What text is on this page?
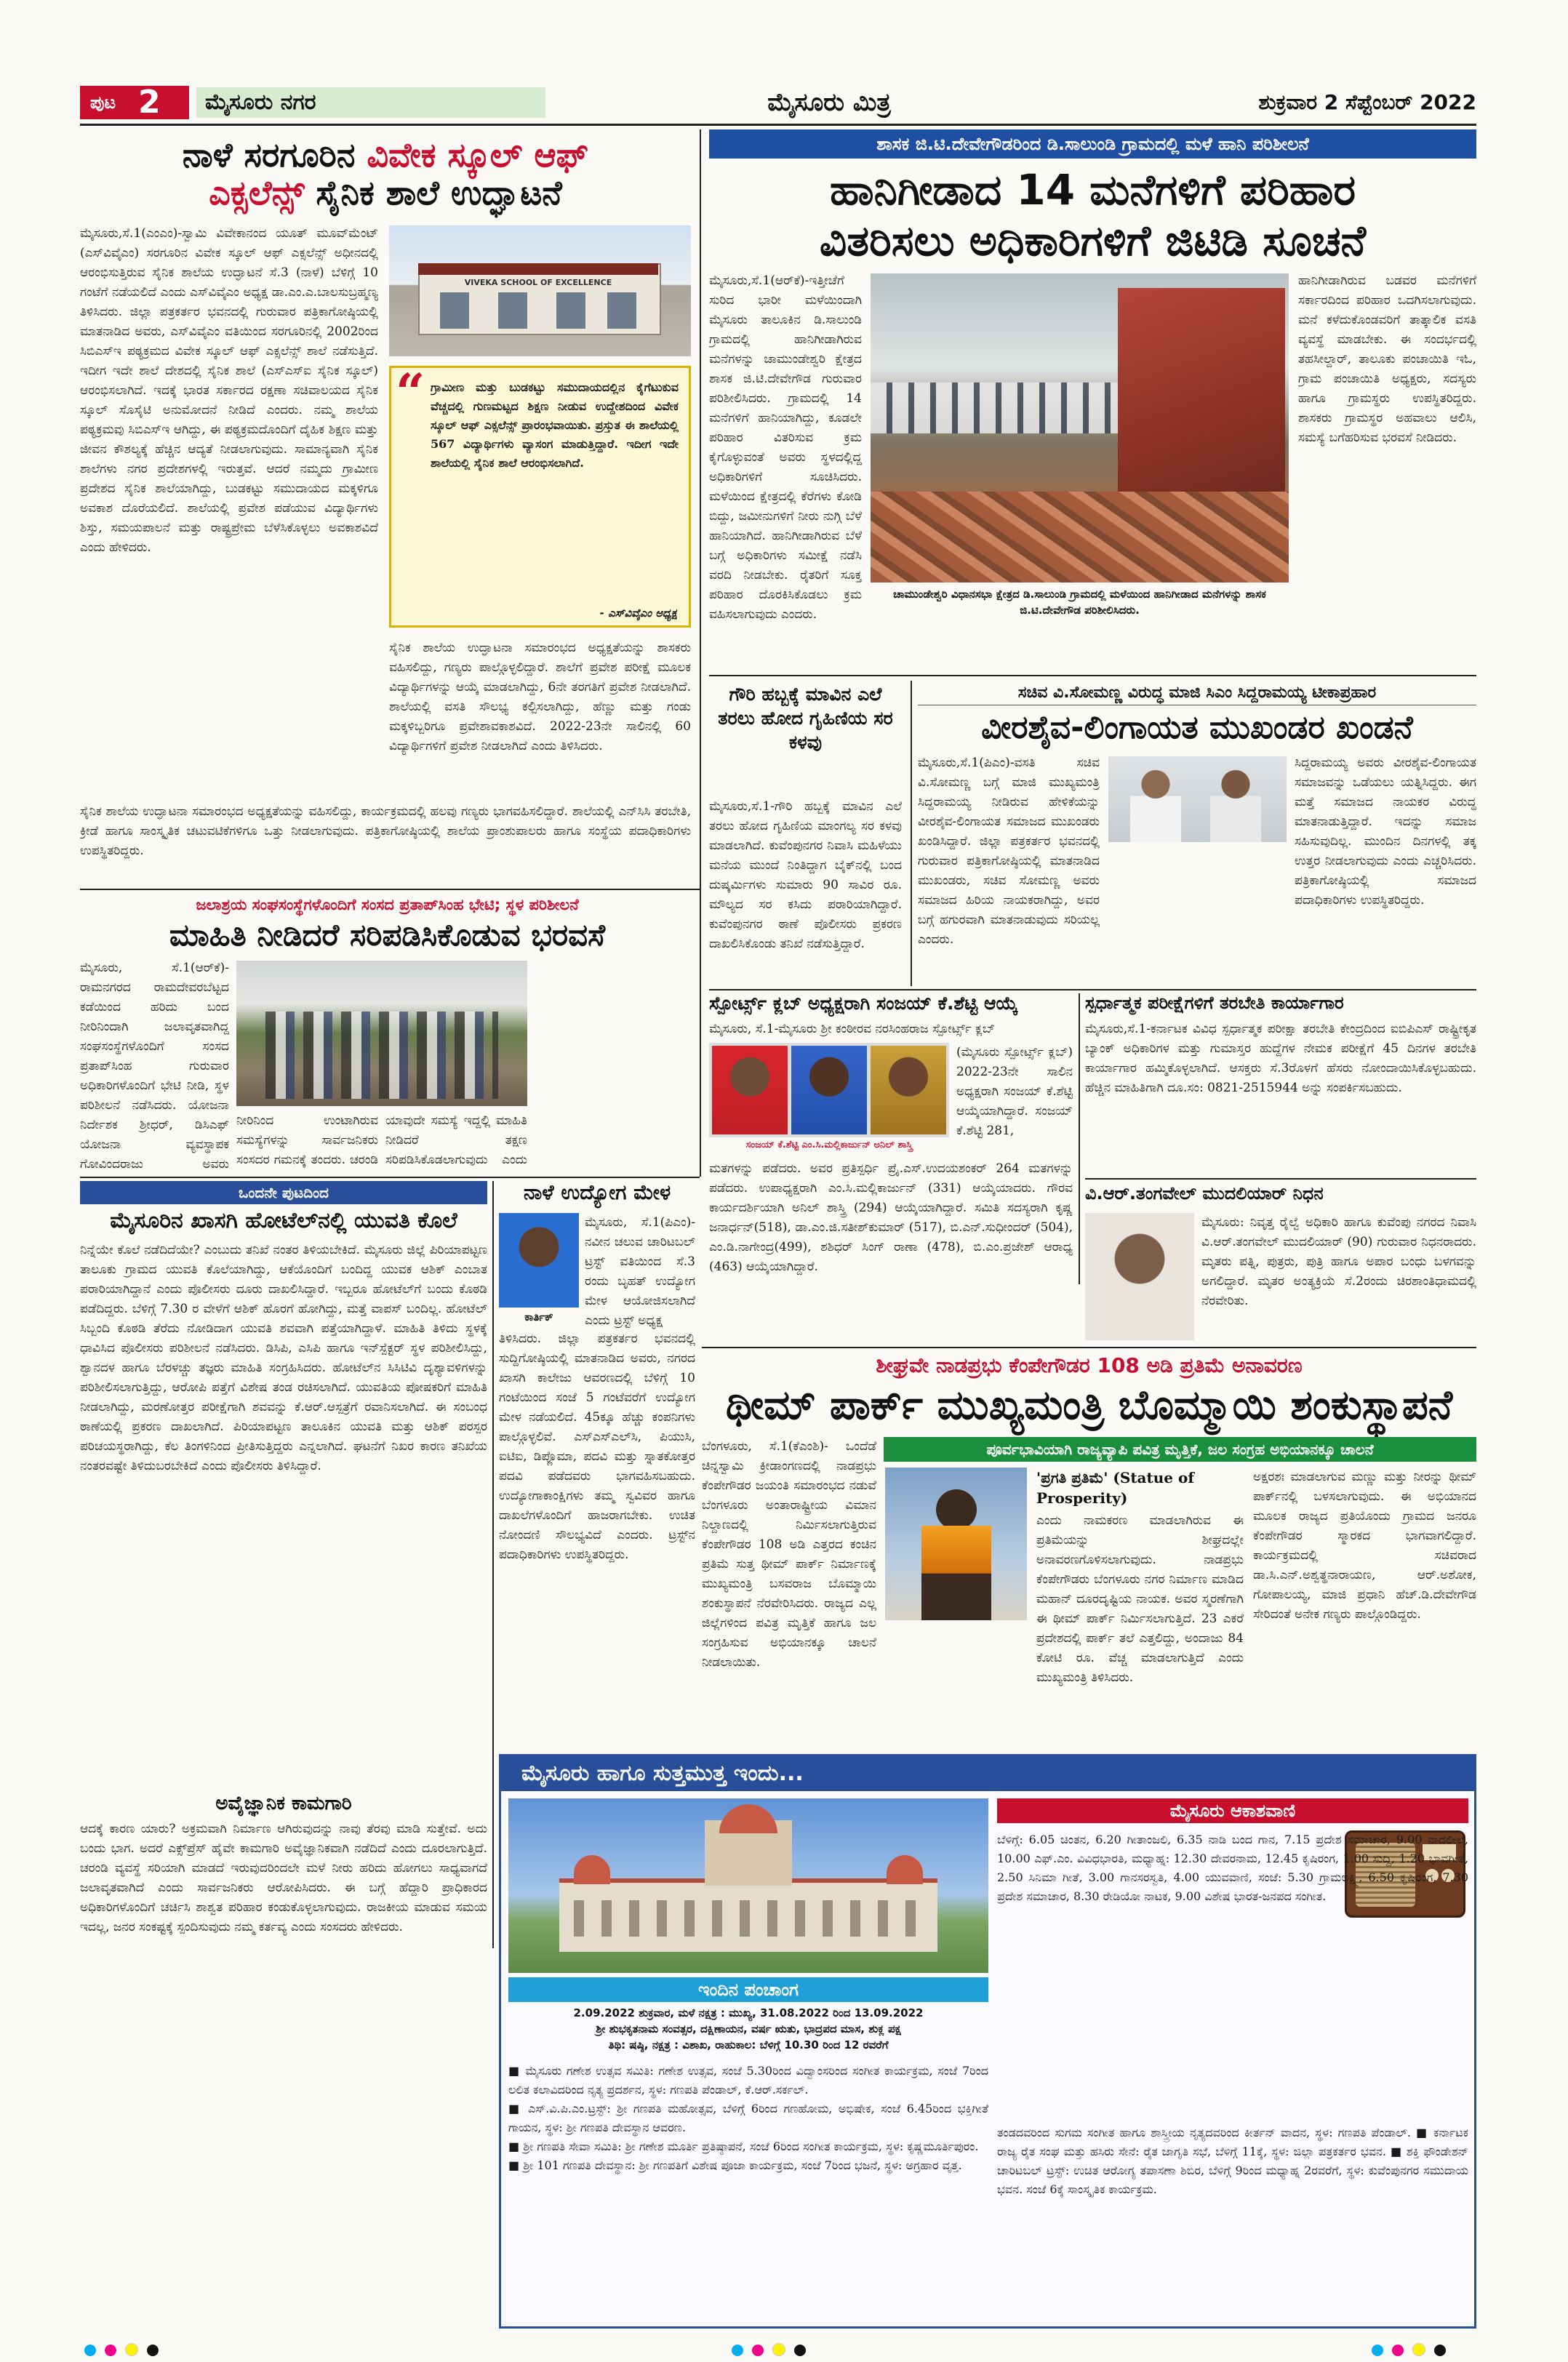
ಪುಟ 2	ಮೈಸೂರು ನಗರ	ಮೈಸೂರು ಮಿತ್ರ	ಶುಕ್ರವಾರ 2 ಸೆಪ್ಟೆಂಬರ್ 2022
ನಾಳೆ ಸರಗೂರಿನ ವಿವೇಕ ಸ್ಕೂಲ್ ಆಫ್
ಎಕ್ಸಲೆನ್ಸ್ ಸೈನಿಕ ಶಾಲೆ ಉದ್ಘಾಟನೆ
ಮೈಸೂರು,ಸೆ.1(ಎಂಎಂ)-ಸ್ವಾಮಿ ವಿವೇಕಾನಂದ ಯೂತ್ ಮೂವ್‌ಮೆಂಟ್ (ಎಸ್‌ವಿವೈಎಂ) ಸರಗೂರಿನ ವಿವೇಕ ಸ್ಕೂಲ್ ಆಫ್ ಎಕ್ಸಲೆನ್ಸ್ ಅಧೀನದಲ್ಲಿ ಆರಂಭಿಸುತ್ತಿರುವ ಸೈನಿಕ ಶಾಲೆಯ ಉದ್ಘಾಟನೆ ಸೆ.3 (ನಾಳೆ) ಬೆಳಿಗ್ಗೆ 10 ಗಂಟೆಗೆ ನಡೆಯಲಿದೆ ಎಂದು ಎಸ್‌ವಿವೈಎಂ ಅಧ್ಯಕ್ಷ ಡಾ.ಎಂ.ಎ.ಬಾಲಸುಬ್ರಹ್ಮಣ್ಯ ತಿಳಿಸಿದರು. ಜಿಲ್ಲಾ ಪತ್ರಕರ್ತರ ಭವನದಲ್ಲಿ ಗುರುವಾರ ಪತ್ರಿಕಾಗೋಷ್ಠಿಯಲ್ಲಿ ಮಾತನಾಡಿದ ಅವರು, ಎಸ್‌ವಿವೈಎಂ ವತಿಯಿಂದ ಸರಗೂರಿನಲ್ಲಿ 2002ರಿಂದ ಸಿಬಿಎಸ್‌ಇ ಪಠ್ಯಕ್ರಮದ ವಿವೇಕ ಸ್ಕೂಲ್ ಆಫ್ ಎಕ್ಸಲೆನ್ಸ್ ಶಾಲೆ ನಡೆಸುತ್ತಿದೆ. ಇದೀಗ ಇದೇ ಶಾಲೆ ದೇಶದಲ್ಲಿ ಸೈನಿಕ ಶಾಲೆ (ಎಸ್‌ಎಸ್‌ಐ ಸೈನಿಕ ಸ್ಕೂಲ್) ಆರಂಭಿಸಲಾಗಿದೆ. ಇದಕ್ಕೆ ಭಾರತ ಸರ್ಕಾರದ ರಕ್ಷಣಾ ಸಚಿವಾಲಯದ ಸೈನಿಕ ಸ್ಕೂಲ್ ಸೊಸೈಟಿ ಅನುಮೋದನೆ ನೀಡಿದೆ ಎಂದರು. ನಮ್ಮ ಶಾಲೆಯ ಪಠ್ಯಕ್ರಮವು ಸಿಬಿಎಸ್‌ಇ ಆಗಿದ್ದು, ಈ ಪಠ್ಯಕ್ರಮದೊಂದಿಗೆ ದೈಹಿಕ ಶಿಕ್ಷಣ ಮತ್ತು ಜೀವನ ಕೌಶಲ್ಯಕ್ಕೆ ಹೆಚ್ಚಿನ ಆದ್ಯತೆ ನೀಡಲಾಗುವುದು. ಸಾಮಾನ್ಯವಾಗಿ ಸೈನಿಕ ಶಾಲೆಗಳು ನಗರ ಪ್ರದೇಶಗಳಲ್ಲಿ ಇರುತ್ತವೆ. ಆದರೆ ನಮ್ಮದು ಗ್ರಾಮೀಣ ಪ್ರದೇಶದ ಸೈನಿಕ ಶಾಲೆಯಾಗಿದ್ದು, ಬುಡಕಟ್ಟು ಸಮುದಾಯದ ಮಕ್ಕಳಿಗೂ ಅವಕಾಶ ದೊರೆಯಲಿದೆ. ಶಾಲೆಯಲ್ಲಿ ಪ್ರವೇಶ ಪಡೆಯುವ ವಿದ್ಯಾರ್ಥಿಗಳು ಶಿಸ್ತು, ಸಮಯಪಾಲನೆ ಮತ್ತು ರಾಷ್ಟ್ರಪ್ರೇಮ ಬೆಳೆಸಿಕೊಳ್ಳಲು ಅವಕಾಶವಿದೆ ಎಂದು ಹೇಳಿದರು.
VIVEKA SCHOOL OF EXCELLENCE
“ ಗ್ರಾಮೀಣ ಮತ್ತು ಬುಡಕಟ್ಟು ಸಮುದಾಯದಲ್ಲಿನ ಕೈಗೆಟುಕುವ ವೆಚ್ಚದಲ್ಲಿ ಗುಣಮಟ್ಟದ ಶಿಕ್ಷಣ ನೀಡುವ ಉದ್ದೇಶದಿಂದ ವಿವೇಕ ಸ್ಕೂಲ್ ಆಫ್ ಎಕ್ಸಲೆನ್ಸ್ ಪ್ರಾರಂಭವಾಯಿತು. ಪ್ರಸ್ತುತ ಈ ಶಾಲೆಯಲ್ಲಿ 567 ವಿದ್ಯಾರ್ಥಿಗಳು ವ್ಯಾಸಂಗ ಮಾಡುತ್ತಿದ್ದಾರೆ. ಇದೀಗ ಇದೇ ಶಾಲೆಯಲ್ಲಿ ಸೈನಿಕ ಶಾಲೆ ಆರಂಭಿಸಲಾಗಿದೆ.
- ಎಸ್‌ವಿವೈಎಂ ಅಧ್ಯಕ್ಷ
ಸೈನಿಕ ಶಾಲೆಯ ಉದ್ಘಾಟನಾ ಸಮಾರಂಭದ ಅಧ್ಯಕ್ಷತೆಯನ್ನು ಶಾಸಕರು ವಹಿಸಲಿದ್ದು, ಗಣ್ಯರು ಪಾಲ್ಗೊಳ್ಳಲಿದ್ದಾರೆ. ಶಾಲೆಗೆ ಪ್ರವೇಶ ಪರೀಕ್ಷೆ ಮೂಲಕ ವಿದ್ಯಾರ್ಥಿಗಳನ್ನು ಆಯ್ಕೆ ಮಾಡಲಾಗಿದ್ದು, 6ನೇ ತರಗತಿಗೆ ಪ್ರವೇಶ ನೀಡಲಾಗಿದೆ. ಶಾಲೆಯಲ್ಲಿ ವಸತಿ ಸೌಲಭ್ಯ ಕಲ್ಪಿಸಲಾಗಿದ್ದು, ಹೆಣ್ಣು ಮತ್ತು ಗಂಡು ಮಕ್ಕಳಿಬ್ಬರಿಗೂ ಪ್ರವೇಶಾವಕಾಶವಿದೆ. 2022-23ನೇ ಸಾಲಿನಲ್ಲಿ 60 ವಿದ್ಯಾರ್ಥಿಗಳಿಗೆ ಪ್ರವೇಶ ನೀಡಲಾಗಿದೆ ಎಂದು ತಿಳಿಸಿದರು.
ಸೈನಿಕ ಶಾಲೆಯ ಉದ್ಘಾಟನಾ ಸಮಾರಂಭದ ಅಧ್ಯಕ್ಷತೆಯನ್ನು ವಹಿಸಲಿದ್ದು, ಕಾರ್ಯಕ್ರಮದಲ್ಲಿ ಹಲವು ಗಣ್ಯರು ಭಾಗವಹಿಸಲಿದ್ದಾರೆ. ಶಾಲೆಯಲ್ಲಿ ಎನ್‌ಸಿಸಿ ತರಬೇತಿ, ಕ್ರೀಡೆ ಹಾಗೂ ಸಾಂಸ್ಕೃತಿಕ ಚಟುವಟಿಕೆಗಳಿಗೂ ಒತ್ತು ನೀಡಲಾಗುವುದು. ಪತ್ರಿಕಾಗೋಷ್ಠಿಯಲ್ಲಿ ಶಾಲೆಯ ಪ್ರಾಂಶುಪಾಲರು ಹಾಗೂ ಸಂಸ್ಥೆಯ ಪದಾಧಿಕಾರಿಗಳು ಉಪಸ್ಥಿತರಿದ್ದರು.
ಶಾಸಕ ಜಿ.ಟಿ.ದೇವೇಗೌಡರಿಂದ ಡಿ.ಸಾಲುಂಡಿ ಗ್ರಾಮದಲ್ಲಿ ಮಳೆ ಹಾನಿ ಪರಿಶೀಲನೆ
ಹಾನಿಗೀಡಾದ 14 ಮನೆಗಳಿಗೆ ಪರಿಹಾರ
ವಿತರಿಸಲು ಅಧಿಕಾರಿಗಳಿಗೆ ಜಿಟಿಡಿ ಸೂಚನೆ
ಮೈಸೂರು,ಸೆ.1(ಆರ್‌ಕೆ)-ಇತ್ತೀಚೆಗೆ ಸುರಿದ ಭಾರೀ ಮಳೆಯಿಂದಾಗಿ ಮೈಸೂರು ತಾಲೂಕಿನ ಡಿ.ಸಾಲುಂಡಿ ಗ್ರಾಮದಲ್ಲಿ ಹಾನಿಗೀಡಾಗಿರುವ ಮನೆಗಳನ್ನು ಚಾಮುಂಡೇಶ್ವರಿ ಕ್ಷೇತ್ರದ ಶಾಸಕ ಜಿ.ಟಿ.ದೇವೇಗೌಡ ಗುರುವಾರ ಪರಿಶೀಲಿಸಿದರು. ಗ್ರಾಮದಲ್ಲಿ 14 ಮನೆಗಳಿಗೆ ಹಾನಿಯಾಗಿದ್ದು, ಕೂಡಲೇ ಪರಿಹಾರ ವಿತರಿಸುವ ಕ್ರಮ ಕೈಗೊಳ್ಳುವಂತೆ ಅವರು ಸ್ಥಳದಲ್ಲಿದ್ದ ಅಧಿಕಾರಿಗಳಿಗೆ ಸೂಚಿಸಿದರು. ಮಳೆಯಿಂದ ಕ್ಷೇತ್ರದಲ್ಲಿ ಕೆರೆಗಳು ಕೋಡಿ ಬಿದ್ದು, ಜಮೀನುಗಳಿಗೆ ನೀರು ನುಗ್ಗಿ ಬೆಳೆ ಹಾನಿಯಾಗಿದೆ. ಹಾನಿಗೀಡಾಗಿರುವ ಬೆಳೆ ಬಗ್ಗೆ ಅಧಿಕಾರಿಗಳು ಸಮೀಕ್ಷೆ ನಡೆಸಿ ವರದಿ ನೀಡಬೇಕು. ರೈತರಿಗೆ ಸೂಕ್ತ ಪರಿಹಾರ ದೊರಕಿಸಿಕೊಡಲು ಕ್ರಮ ವಹಿಸಲಾಗುವುದು ಎಂದರು.
ಚಾಮುಂಡೇಶ್ವರಿ ವಿಧಾನಸಭಾ ಕ್ಷೇತ್ರದ ಡಿ.ಸಾಲುಂಡಿ ಗ್ರಾಮದಲ್ಲಿ ಮಳೆಯಿಂದ ಹಾನಿಗೀಡಾದ ಮನೆಗಳನ್ನು ಶಾಸಕ ಜಿ.ಟಿ.ದೇವೇಗೌಡ ಪರಿಶೀಲಿಸಿದರು.
ಹಾನಿಗೀಡಾಗಿರುವ ಬಡವರ ಮನೆಗಳಿಗೆ ಸರ್ಕಾರದಿಂದ ಪರಿಹಾರ ಒದಗಿಸಲಾಗುವುದು. ಮನೆ ಕಳೆದುಕೊಂಡವರಿಗೆ ತಾತ್ಕಾಲಿಕ ವಸತಿ ವ್ಯವಸ್ಥೆ ಮಾಡಬೇಕು. ಈ ಸಂದರ್ಭದಲ್ಲಿ ತಹಸೀಲ್ದಾರ್, ತಾಲೂಕು ಪಂಚಾಯಿತಿ ಇಓ, ಗ್ರಾಮ ಪಂಚಾಯಿತಿ ಅಧ್ಯಕ್ಷರು, ಸದಸ್ಯರು ಹಾಗೂ ಗ್ರಾಮಸ್ಥರು ಉಪಸ್ಥಿತರಿದ್ದರು. ಶಾಸಕರು ಗ್ರಾಮಸ್ಥರ ಅಹವಾಲು ಆಲಿಸಿ, ಸಮಸ್ಯೆ ಬಗೆಹರಿಸುವ ಭರವಸೆ ನೀಡಿದರು.
ಗೌರಿ ಹಬ್ಬಕ್ಕೆ ಮಾವಿನ ಎಲೆ ತರಲು ಹೋದ ಗೃಹಿಣಿಯ ಸರ ಕಳವು
ಮೈಸೂರು,ಸೆ.1-ಗೌರಿ ಹಬ್ಬಕ್ಕೆ ಮಾವಿನ ಎಲೆ ತರಲು ಹೋದ ಗೃಹಿಣಿಯ ಮಾಂಗಲ್ಯ ಸರ ಕಳವು ಮಾಡಲಾಗಿದೆ. ಕುವೆಂಪುನಗರ ನಿವಾಸಿ ಮಹಿಳೆಯು ಮನೆಯ ಮುಂದೆ ನಿಂತಿದ್ದಾಗ ಬೈಕ್‌ನಲ್ಲಿ ಬಂದ ದುಷ್ಕರ್ಮಿಗಳು ಸುಮಾರು 90 ಸಾವಿರ ರೂ. ಮೌಲ್ಯದ ಸರ ಕಸಿದು ಪರಾರಿಯಾಗಿದ್ದಾರೆ. ಕುವೆಂಪುನಗರ ಠಾಣೆ ಪೊಲೀಸರು ಪ್ರಕರಣ ದಾಖಲಿಸಿಕೊಂಡು ತನಿಖೆ ನಡೆಸುತ್ತಿದ್ದಾರೆ.
ಸಚಿವ ವಿ.ಸೋಮಣ್ಣ ವಿರುದ್ಧ ಮಾಜಿ ಸಿಎಂ ಸಿದ್ದರಾಮಯ್ಯ ಟೀಕಾಪ್ರಹಾರ
ವೀರಶೈವ-ಲಿಂಗಾಯತ ಮುಖಂಡರ ಖಂಡನೆ
ಮೈಸೂರು,ಸೆ.1(ಪಿಎಂ)-ವಸತಿ ಸಚಿವ ವಿ.ಸೋಮಣ್ಣ ಬಗ್ಗೆ ಮಾಜಿ ಮುಖ್ಯಮಂತ್ರಿ ಸಿದ್ದರಾಮಯ್ಯ ನೀಡಿರುವ ಹೇಳಿಕೆಯನ್ನು ವೀರಶೈವ-ಲಿಂಗಾಯತ ಸಮಾಜದ ಮುಖಂಡರು ಖಂಡಿಸಿದ್ದಾರೆ. ಜಿಲ್ಲಾ ಪತ್ರಕರ್ತರ ಭವನದಲ್ಲಿ ಗುರುವಾರ ಪತ್ರಿಕಾಗೋಷ್ಠಿಯಲ್ಲಿ ಮಾತನಾಡಿದ ಮುಖಂಡರು, ಸಚಿವ ಸೋಮಣ್ಣ ಅವರು ಸಮಾಜದ ಹಿರಿಯ ನಾಯಕರಾಗಿದ್ದು, ಅವರ ಬಗ್ಗೆ ಹಗುರವಾಗಿ ಮಾತನಾಡುವುದು ಸರಿಯಲ್ಲ ಎಂದರು.
ಸಿದ್ದರಾಮಯ್ಯ ಅವರು ವೀರಶೈವ-ಲಿಂಗಾಯತ ಸಮಾಜವನ್ನು ಒಡೆಯಲು ಯತ್ನಿಸಿದ್ದರು. ಈಗ ಮತ್ತೆ ಸಮಾಜದ ನಾಯಕರ ವಿರುದ್ಧ ಮಾತನಾಡುತ್ತಿದ್ದಾರೆ. ಇದನ್ನು ಸಮಾಜ ಸಹಿಸುವುದಿಲ್ಲ. ಮುಂದಿನ ದಿನಗಳಲ್ಲಿ ತಕ್ಕ ಉತ್ತರ ನೀಡಲಾಗುವುದು ಎಂದು ಎಚ್ಚರಿಸಿದರು. ಪತ್ರಿಕಾಗೋಷ್ಠಿಯಲ್ಲಿ ಸಮಾಜದ ಪದಾಧಿಕಾರಿಗಳು ಉಪಸ್ಥಿತರಿದ್ದರು.
ಜಲಾಶ್ರಯ ಸಂಘಸಂಸ್ಥೆಗಳೊಂದಿಗೆ ಸಂಸದ ಪ್ರತಾಪ್‌ಸಿಂಹ ಭೇಟಿ; ಸ್ಥಳ ಪರಿಶೀಲನೆ
ಮಾಹಿತಿ ನೀಡಿದರೆ ಸರಿಪಡಿಸಿಕೊಡುವ ಭರವಸೆ
ಮೈಸೂರು, ಸೆ.1(ಆರ್‌ಕೆ)- ರಾಮನಗರದ ರಾಮದೇವರಬೆಟ್ಟದ ಕಡೆಯಿಂದ ಹರಿದು ಬಂದ ನೀರಿನಿಂದಾಗಿ ಜಲಾವೃತವಾಗಿದ್ದ ಸಂಘಸಂಸ್ಥೆಗಳೊಂದಿಗೆ ಸಂಸದ ಪ್ರತಾಪ್‌ಸಿಂಹ ಗುರುವಾರ ಅಧಿಕಾರಿಗಳೊಂದಿಗೆ ಭೇಟಿ ನೀಡಿ, ಸ್ಥಳ ಪರಿಶೀಲನೆ ನಡೆಸಿದರು. ಯೋಜನಾ ನಿರ್ದೇಶಕ ಶ್ರೀಧರ್, ಡಿಸಿಎಫ್ ಯೋಜನಾ ವ್ಯವಸ್ಥಾಪಕ ಗೋವಿಂದರಾಜು ಅವರು
ನೀರಿನಿಂದ ಉಂಟಾಗಿರುವ ಸಮಸ್ಯೆಗಳನ್ನು ಸಾರ್ವಜನಿಕರು ಸಂಸದರ ಗಮನಕ್ಕೆ ತಂದರು. ಚರಂಡಿ
ಯಾವುದೇ ಸಮಸ್ಯೆ ಇದ್ದಲ್ಲಿ ಮಾಹಿತಿ ನೀಡಿದರೆ ತಕ್ಷಣ ಸರಿಪಡಿಸಿಕೊಡಲಾಗುವುದು ಎಂದು
ಸ್ಪೋರ್ಟ್ಸ್ ಕ್ಲಬ್ ಅಧ್ಯಕ್ಷರಾಗಿ ಸಂಜಯ್ ಕೆ.ಶೆಟ್ಟಿ ಆಯ್ಕೆ
ಮೈಸೂರು, ಸೆ.1-ಮೈಸೂರು ಶ್ರೀ ಕಂಠೀರವ ನರಸಿಂಹರಾಜ ಸ್ಪೋರ್ಟ್ಸ್ ಕ್ಲಬ್
ಸಂಜಯ್ ಕೆ.ಶೆಟ್ಟಿ ಎಂ.ಸಿ.ಮಲ್ಲಿಕಾರ್ಜುನ್ ಅನಿಲ್ ಶಾಸ್ತ್ರಿ
(ಮೈಸೂರು ಸ್ಪೋರ್ಟ್ಸ್ ಕ್ಲಬ್) 2022-23ನೇ ಸಾಲಿನ ಅಧ್ಯಕ್ಷರಾಗಿ ಸಂಜಯ್ ಕೆ.ಶೆಟ್ಟಿ ಆಯ್ಕೆಯಾಗಿದ್ದಾರೆ. ಸಂಜಯ್ ಕೆ.ಶೆಟ್ಟಿ 281,
ಮತಗಳನ್ನು ಪಡೆದರು. ಅವರ ಪ್ರತಿಸ್ಪರ್ಧಿ ಪ್ರೈ.ಎಸ್.ಉದಯಶಂಕರ್ 264 ಮತಗಳನ್ನು ಪಡೆದರು. ಉಪಾಧ್ಯಕ್ಷರಾಗಿ ಎಂ.ಸಿ.ಮಲ್ಲಿಕಾರ್ಜುನ್ (331) ಆಯ್ಕೆಯಾದರು. ಗೌರವ ಕಾರ್ಯದರ್ಶಿಯಾಗಿ ಅನಿಲ್ ಶಾಸ್ತ್ರಿ (294) ಆಯ್ಕೆಯಾಗಿದ್ದಾರೆ. ಸಮಿತಿ ಸದಸ್ಯರಾಗಿ ಕೃಷ್ಣ ಜನಾರ್ಧನ್(518), ಡಾ.ಎಂ.ಜಿ.ಸತೀಶ್‌ಕುಮಾರ್ (517), ಬಿ.ಎನ್.ಸುಧೀಂದರ್ (504), ಎಂ.ಡಿ.ನಾಗೇಂದ್ರ(499), ಶಶಿಧರ್ ಸಿಂಗ್ ರಾಣಾ (478), ಬಿ.ಎಂ.ಪ್ರಜೇಶ್ ಆರಾಧ್ಯ (463) ಆಯ್ಕೆಯಾಗಿದ್ದಾರೆ.
ಸ್ಪರ್ಧಾತ್ಮಕ ಪರೀಕ್ಷೆಗಳಿಗೆ ತರಬೇತಿ ಕಾರ್ಯಾಗಾರ
ಮೈಸೂರು,ಸೆ.1-ಕರ್ನಾಟಕ ವಿವಿಧ ಸ್ಪರ್ಧಾತ್ಮಕ ಪರೀಕ್ಷಾ ತರಬೇತಿ ಕೇಂದ್ರದಿಂದ ಐಬಿಪಿಎಸ್ ರಾಷ್ಟ್ರೀಕೃತ ಬ್ಯಾಂಕ್ ಅಧಿಕಾರಿಗಳ ಮತ್ತು ಗುಮಾಸ್ತರ ಹುದ್ದೆಗಳ ನೇಮಕ ಪರೀಕ್ಷೆಗೆ 45 ದಿನಗಳ ತರಬೇತಿ ಕಾರ್ಯಾಗಾರ ಹಮ್ಮಿಕೊಳ್ಳಲಾಗಿದೆ. ಆಸಕ್ತರು ಸೆ.3ರೊಳಗೆ ಹೆಸರು ನೋಂದಾಯಿಸಿಕೊಳ್ಳಬಹುದು. ಹೆಚ್ಚಿನ ಮಾಹಿತಿಗಾಗಿ ದೂ.ಸಂ: 0821-2515944 ಅನ್ನು ಸಂಪರ್ಕಿಸಬಹುದು.
ವಿ.ಆರ್.ತಂಗವೇಲ್ ಮುದಲಿಯಾರ್ ನಿಧನ
ಮೈಸೂರು: ನಿವೃತ್ತ ರೈಲ್ವೆ ಅಧಿಕಾರಿ ಹಾಗೂ ಕುವೆಂಪು ನಗರದ ನಿವಾಸಿ ವಿ.ಆರ್.ತಂಗವೇಲ್ ಮುದಲಿಯಾರ್ (90) ಗುರುವಾರ ನಿಧನರಾದರು. ಮೃತರು ಪತ್ನಿ, ಪುತ್ರರು, ಪುತ್ರಿ ಹಾಗೂ ಅಪಾರ ಬಂಧು ಬಳಗವನ್ನು ಅಗಲಿದ್ದಾರೆ. ಮೃತರ ಅಂತ್ಯಕ್ರಿಯೆ ಸೆ.2ರಂದು ಚಿರಶಾಂತಿಧಾಮದಲ್ಲಿ ನೆರವೇರಿತು.
ಒಂದನೇ ಪುಟದಿಂದ
ಮೈಸೂರಿನ ಖಾಸಗಿ ಹೋಟೆಲ್‌ನಲ್ಲಿ ಯುವತಿ ಕೊಲೆ
ನಿನ್ನೆಯೇ ಕೊಲೆ ನಡೆದಿದೆಯೇ? ಎಂಬುದು ತನಿಖೆ ನಂತರ ತಿಳಿಯಬೇಕಿದೆ. ಮೈಸೂರು ಜಿಲ್ಲೆ ಪಿರಿಯಾಪಟ್ಟಣ ತಾಲೂಕು ಗ್ರಾಮದ ಯುವತಿ ಕೊಲೆಯಾಗಿದ್ದು, ಆಕೆಯೊಂದಿಗೆ ಬಂದಿದ್ದ ಯುವಕ ಆಶಿಕ್ ಎಂಬಾತ ಪರಾರಿಯಾಗಿದ್ದಾನೆ ಎಂದು ಪೊಲೀಸರು ದೂರು ದಾಖಲಿಸಿದ್ದಾರೆ. ಇಬ್ಬರೂ ಹೋಟೆಲ್‌ಗೆ ಬಂದು ಕೊಠಡಿ ಪಡೆದಿದ್ದರು. ಬೆಳಿಗ್ಗೆ 7.30 ರ ವೇಳೆಗೆ ಆಶಿಕ್ ಹೊರಗೆ ಹೋಗಿದ್ದು, ಮತ್ತೆ ವಾಪಸ್ ಬಂದಿಲ್ಲ. ಹೋಟೆಲ್ ಸಿಬ್ಬಂದಿ ಕೊಠಡಿ ತೆರೆದು ನೋಡಿದಾಗ ಯುವತಿ ಶವವಾಗಿ ಪತ್ತೆಯಾಗಿದ್ದಾಳೆ. ಮಾಹಿತಿ ತಿಳಿದು ಸ್ಥಳಕ್ಕೆ ಧಾವಿಸಿದ ಪೊಲೀಸರು ಪರಿಶೀಲನೆ ನಡೆಸಿದರು. ಡಿಸಿಪಿ, ಎಸಿಪಿ ಹಾಗೂ ಇನ್‌ಸ್ಪೆಕ್ಟರ್ ಸ್ಥಳ ಪರಿಶೀಲಿಸಿದ್ದು, ಶ್ವಾನದಳ ಹಾಗೂ ಬೆರಳಚ್ಚು ತಜ್ಞರು ಮಾಹಿತಿ ಸಂಗ್ರಹಿಸಿದರು. ಹೋಟೆಲ್‌ನ ಸಿಸಿಟಿವಿ ದೃಶ್ಯಾವಳಿಗಳನ್ನು ಪರಿಶೀಲಿಸಲಾಗುತ್ತಿದ್ದು, ಆರೋಪಿ ಪತ್ತೆಗೆ ವಿಶೇಷ ತಂಡ ರಚಿಸಲಾಗಿದೆ. ಯುವತಿಯ ಪೋಷಕರಿಗೆ ಮಾಹಿತಿ ನೀಡಲಾಗಿದ್ದು, ಮರಣೋತ್ತರ ಪರೀಕ್ಷೆಗಾಗಿ ಶವವನ್ನು ಕೆ.ಆರ್.ಆಸ್ಪತ್ರೆಗೆ ರವಾನಿಸಲಾಗಿದೆ. ಈ ಸಂಬಂಧ ಠಾಣೆಯಲ್ಲಿ ಪ್ರಕರಣ ದಾಖಲಾಗಿದೆ. ಪಿರಿಯಾಪಟ್ಟಣ ತಾಲೂಕಿನ ಯುವತಿ ಮತ್ತು ಆಶಿಕ್ ಪರಸ್ಪರ ಪರಿಚಯಸ್ಥರಾಗಿದ್ದು, ಕೆಲ ತಿಂಗಳಿನಿಂದ ಪ್ರೀತಿಸುತ್ತಿದ್ದರು ಎನ್ನಲಾಗಿದೆ. ಘಟನೆಗೆ ನಿಖರ ಕಾರಣ ತನಿಖೆಯ ನಂತರವಷ್ಟೇ ತಿಳಿದುಬರಬೇಕಿದೆ ಎಂದು ಪೊಲೀಸರು ತಿಳಿಸಿದ್ದಾರೆ.
ಅವೈಜ್ಞಾನಿಕ ಕಾಮಗಾರಿ
ಆದಕ್ಕೆ ಕಾರಣ ಯಾರು? ಅಕ್ರಮವಾಗಿ ನಿರ್ಮಾಣ ಆಗಿರುವುದನ್ನು ನಾವು ತೆರವು ಮಾಡಿ ಸುತ್ತೇವೆ. ಅದು ಬಂದು ಭಾಗ. ಅದರೆ ಎಕ್ಸ್‌ಪ್ರೆಸ್ ಹೈವೇ ಕಾಮಗಾರಿ ಅವೈಜ್ಞಾನಿಕವಾಗಿ ನಡೆದಿದೆ ಎಂದು ದೂರಲಾಗುತ್ತಿದೆ. ಚರಂಡಿ ವ್ಯವಸ್ಥೆ ಸರಿಯಾಗಿ ಮಾಡದೆ ಇರುವುದರಿಂದಲೇ ಮಳೆ ನೀರು ಹರಿದು ಹೋಗಲು ಸಾಧ್ಯವಾಗದೆ ಜಲಾವೃತವಾಗಿದೆ ಎಂದು ಸಾರ್ವಜನಿಕರು ಆರೋಪಿಸಿದರು. ಈ ಬಗ್ಗೆ ಹೆದ್ದಾರಿ ಪ್ರಾಧಿಕಾರದ ಅಧಿಕಾರಿಗಳೊಂದಿಗೆ ಚರ್ಚಿಸಿ ಶಾಶ್ವತ ಪರಿಹಾರ ಕಂಡುಕೊಳ್ಳಲಾಗುವುದು. ರಾಜಕೀಯ ಮಾಡುವ ಸಮಯ ಇದಲ್ಲ, ಜನರ ಸಂಕಷ್ಟಕ್ಕೆ ಸ್ಪಂದಿಸುವುದು ನಮ್ಮ ಕರ್ತವ್ಯ ಎಂದು ಸಂಸದರು ಹೇಳಿದರು.
ನಾಳೆ ಉದ್ಯೋಗ ಮೇಳ
ಕಾರ್ತಿಕ್
ಮೈಸೂರು, ಸೆ.1(ಪಿಎಂ)-ನವೀನ ಚಲುವ ಚಾರಿಟಬಲ್ ಟ್ರಸ್ಟ್ ವತಿಯಿಂದ ಸೆ.3 ರಂದು ಬೃಹತ್ ಉದ್ಯೋಗ ಮೇಳ ಆಯೋಜಿಸಲಾಗಿದೆ ಎಂದು ಟ್ರಸ್ಟ್ ಅಧ್ಯಕ್ಷ
ತಿಳಿಸಿದರು. ಜಿಲ್ಲಾ ಪತ್ರಕರ್ತರ ಭವನದಲ್ಲಿ ಸುದ್ದಿಗೋಷ್ಠಿಯಲ್ಲಿ ಮಾತನಾಡಿದ ಅವರು, ನಗರದ ಖಾಸಗಿ ಕಾಲೇಜು ಆವರಣದಲ್ಲಿ ಬೆಳಿಗ್ಗೆ 10 ಗಂಟೆಯಿಂದ ಸಂಜೆ 5 ಗಂಟೆವರೆಗೆ ಉದ್ಯೋಗ ಮೇಳ ನಡೆಯಲಿದೆ. 45ಕ್ಕೂ ಹೆಚ್ಚು ಕಂಪನಿಗಳು ಪಾಲ್ಗೊಳ್ಳಲಿವೆ. ಎಸ್‌ಎಸ್‌ಎಲ್‌ಸಿ, ಪಿಯುಸಿ, ಐಟಿಐ, ಡಿಪ್ಲೊಮಾ, ಪದವಿ ಮತ್ತು ಸ್ನಾತಕೋತ್ತರ ಪದವಿ ಪಡೆದವರು ಭಾಗವಹಿಸಬಹುದು. ಉದ್ಯೋಗಾಕಾಂಕ್ಷಿಗಳು ತಮ್ಮ ಸ್ವವಿವರ ಹಾಗೂ ದಾಖಲೆಗಳೊಂದಿಗೆ ಹಾಜರಾಗಬೇಕು. ಉಚಿತ ನೋಂದಣಿ ಸೌಲಭ್ಯವಿದೆ ಎಂದರು. ಟ್ರಸ್ಟ್‌ನ ಪದಾಧಿಕಾರಿಗಳು ಉಪಸ್ಥಿತರಿದ್ದರು.
ಶೀಘ್ರವೇ ನಾಡಪ್ರಭು ಕೆಂಪೇಗೌಡರ 108 ಅಡಿ ಪ್ರತಿಮೆ ಅನಾವರಣ
ಥೀಮ್ ಪಾರ್ಕ್ ಮುಖ್ಯಮಂತ್ರಿ ಬೊಮ್ಮಾಯಿ ಶಂಕುಸ್ಥಾಪನೆ
ಪೂರ್ವಭಾವಿಯಾಗಿ ರಾಜ್ಯವ್ಯಾಪಿ ಪವಿತ್ರ ಮೃತ್ತಿಕೆ, ಜಲ ಸಂಗ್ರಹ ಅಭಿಯಾನಕ್ಕೂ ಚಾಲನೆ
ಬೆಂಗಳೂರು, ಸೆ.1(ಕೆಎಂಶಿ)- ಒಂದೆಡೆ ಚಿನ್ನಸ್ವಾಮಿ ಕ್ರೀಡಾಂಗಣದಲ್ಲಿ ನಾಡಪ್ರಭು ಕೆಂಪೇಗೌಡರ ಜಯಂತಿ ಸಮಾರಂಭದ ನಡುವೆ ಬೆಂಗಳೂರು ಅಂತಾರಾಷ್ಟ್ರೀಯ ವಿಮಾನ ನಿಲ್ದಾಣದಲ್ಲಿ ನಿರ್ಮಿಸಲಾಗುತ್ತಿರುವ ಕೆಂಪೇಗೌಡರ 108 ಅಡಿ ಎತ್ತರದ ಕಂಚಿನ ಪ್ರತಿಮೆ ಸುತ್ತ ಥೀಮ್ ಪಾರ್ಕ್ ನಿರ್ಮಾಣಕ್ಕೆ ಮುಖ್ಯಮಂತ್ರಿ ಬಸವರಾಜ ಬೊಮ್ಮಾಯಿ ಶಂಕುಸ್ಥಾಪನೆ ನೆರವೇರಿಸಿದರು. ರಾಜ್ಯದ ಎಲ್ಲ ಜಿಲ್ಲೆಗಳಿಂದ ಪವಿತ್ರ ಮೃತ್ತಿಕೆ ಹಾಗೂ ಜಲ ಸಂಗ್ರಹಿಸುವ ಅಭಿಯಾನಕ್ಕೂ ಚಾಲನೆ ನೀಡಲಾಯಿತು.
'ಪ್ರಗತಿ ಪ್ರತಿಮೆ' (Statue of Prosperity)
ಎಂದು ನಾಮಕರಣ ಮಾಡಲಾಗಿರುವ ಈ ಪ್ರತಿಮೆಯನ್ನು ಶೀಘ್ರದಲ್ಲೇ ಅನಾವರಣಗೊಳಿಸಲಾಗುವುದು. ನಾಡಪ್ರಭು ಕೆಂಪೇಗೌಡರು ಬೆಂಗಳೂರು ನಗರ ನಿರ್ಮಾಣ ಮಾಡಿದ ಮಹಾನ್ ದೂರದೃಷ್ಟಿಯ ನಾಯಕ. ಅವರ ಸ್ಮರಣೆಗಾಗಿ ಈ ಥೀಮ್ ಪಾರ್ಕ್ ನಿರ್ಮಿಸಲಾಗುತ್ತಿದೆ. 23 ಎಕರೆ ಪ್ರದೇಶದಲ್ಲಿ ಪಾರ್ಕ್ ತಲೆ ಎತ್ತಲಿದ್ದು, ಅಂದಾಜು 84 ಕೋಟಿ ರೂ. ವೆಚ್ಚ ಮಾಡಲಾಗುತ್ತಿದೆ ಎಂದು ಮುಖ್ಯಮಂತ್ರಿ ತಿಳಿಸಿದರು.
ಅಕ್ಷರಶಃ ಮಾಡಲಾಗುವ ಮಣ್ಣು ಮತ್ತು ನೀರನ್ನು ಥೀಮ್ ಪಾರ್ಕ್‌ನಲ್ಲಿ ಬಳಸಲಾಗುವುದು. ಈ ಅಭಿಯಾನದ ಮೂಲಕ ರಾಜ್ಯದ ಪ್ರತಿಯೊಂದು ಗ್ರಾಮದ ಜನರೂ ಕೆಂಪೇಗೌಡರ ಸ್ಮಾರಕದ ಭಾಗವಾಗಲಿದ್ದಾರೆ. ಕಾರ್ಯಕ್ರಮದಲ್ಲಿ ಸಚಿವರಾದ ಡಾ.ಸಿ.ಎನ್.ಅಶ್ವತ್ಥನಾರಾಯಣ, ಆರ್.ಅಶೋಕ, ಗೋಪಾಲಯ್ಯ, ಮಾಜಿ ಪ್ರಧಾನಿ ಹೆಚ್.ಡಿ.ದೇವೇಗೌಡ ಸೇರಿದಂತೆ ಅನೇಕ ಗಣ್ಯರು ಪಾಲ್ಗೊಂಡಿದ್ದರು.
ಮೈಸೂರು ಹಾಗೂ ಸುತ್ತಮುತ್ತ ಇಂದು...
ಇಂದಿನ ಪಂಚಾಂಗ
2.09.2022 ಶುಕ್ರವಾರ, ಮಳೆ ನಕ್ಷತ್ರ : ಮುಖ್ಯ, 31.08.2022 ರಿಂದ 13.09.2022
ಶ್ರೀ ಶುಭಕೃತನಾಮ ಸಂವತ್ಸರ, ದಕ್ಷಿಣಾಯನ, ವರ್ಷ ಋತು, ಭಾದ್ರಪದ ಮಾಸ, ಶುಕ್ಲ ಪಕ್ಷ
ತಿಥಿ: ಷಷ್ಠಿ, ನಕ್ಷತ್ರ : ವಿಶಾಖ, ರಾಹುಕಾಲ: ಬೆಳಿಗ್ಗೆ 10.30 ರಿಂದ 12 ರವರೆಗೆ
■ ಮೈಸೂರು ಗಣೇಶ ಉತ್ಸವ ಸಮಿತಿ: ಗಣೇಶ ಉತ್ಸವ, ಸಂಜೆ 5.30ರಿಂದ ವಿದ್ವಾಂಸರಿಂದ ಸಂಗೀತ ಕಾರ್ಯಕ್ರಮ, ಸಂಜೆ 7ರಿಂದ ಲಲಿತ ಕಲಾವಿದರಿಂದ ನೃತ್ಯ ಪ್ರದರ್ಶನ, ಸ್ಥಳ: ಗಣಪತಿ ಪೆಂಡಾಲ್, ಕೆ.ಆರ್.ಸರ್ಕಲ್.
■ ಎಸ್.ವಿ.ಪಿ.ಎಂ.ಟ್ರಸ್ಟ್: ಶ್ರೀ ಗಣಪತಿ ಮಹೋತ್ಸವ, ಬೆಳಿಗ್ಗೆ 6ರಿಂದ ಗಣಹೋಮ, ಅಭಿಷೇಕ, ಸಂಜೆ 6.45ರಿಂದ ಭಕ್ತಿಗೀತೆ ಗಾಯನ, ಸ್ಥಳ: ಶ್ರೀ ಗಣಪತಿ ದೇವಸ್ಥಾನ ಆವರಣ.
■ ಶ್ರೀ ಗಣಪತಿ ಸೇವಾ ಸಮಿತಿ: ಶ್ರೀ ಗಣೇಶ ಮೂರ್ತಿ ಪ್ರತಿಷ್ಠಾಪನೆ, ಸಂಜೆ 6ರಿಂದ ಸಂಗೀತ ಕಾರ್ಯಕ್ರಮ, ಸ್ಥಳ: ಕೃಷ್ಣಮೂರ್ತಿಪುರಂ.
■ ಶ್ರೀ 101 ಗಣಪತಿ ದೇವಸ್ಥಾನ: ಶ್ರೀ ಗಣಪತಿಗೆ ವಿಶೇಷ ಪೂಜಾ ಕಾರ್ಯಕ್ರಮ, ಸಂಜೆ 7ರಿಂದ ಭಜನೆ, ಸ್ಥಳ: ಅಗ್ರಹಾರ ವೃತ್ತ.
ಮೈಸೂರು ಆಕಾಶವಾಣಿ
ಬೆಳಿಗ್ಗೆ: 6.05 ಚಿಂತನ, 6.20 ಗೀತಾಂಜಲಿ, 6.35 ನಾಡಿ ಬಂದ ಗಾನ, 7.15 ಪ್ರದೇಶ ಸಮಾಚಾರ, 9.00 ನಾದಲೀಲೆ, 10.00 ಎಫ್.ಎಂ. ವಿವಿಧಭಾರತಿ, ಮಧ್ಯಾಹ್ನ: 12.30 ದೇವರನಾಮ, 12.45 ಕೃಷಿರಂಗ, 1.00 ಸುದ್ದಿ, 1.20 ಭಾವಗೀತೆ, 2.50 ಸಿನಿಮಾ ಗೀತೆ, 3.00 ಗಾನಸರಸ್ವತಿ, 4.00 ಯುವವಾಣಿ, ಸಂಜೆ: 5.30 ಗ್ರಾಮಲಕ್ಷ್ಮಿ, 6.50 ಕೃಷಿರಂಗ, 7.30 ಪ್ರದೇಶ ಸಮಾಚಾರ, 8.30 ರೇಡಿಯೋ ನಾಟಕ, 9.00 ವಿಶೇಷ ಭಾರತ-ಜನಪದ ಸಂಗೀತ.
ತಂಡದವರಿಂದ ಸುಗಮ ಸಂಗೀತ ಹಾಗೂ ಶಾಸ್ತ್ರೀಯ ನೃತ್ಯದವರಿಂದ ಕೀರ್ತನ್ ವಾದನ, ಸ್ಥಳ: ಗಣಪತಿ ಪೆಂಡಾಲ್. ■ ಕರ್ನಾಟಕ ರಾಜ್ಯ ರೈತ ಸಂಘ ಮತ್ತು ಹಸಿರು ಸೇನೆ: ರೈತ ಜಾಗೃತಿ ಸಭೆ, ಬೆಳಿಗ್ಗೆ 11ಕ್ಕೆ, ಸ್ಥಳ: ಜಿಲ್ಲಾ ಪತ್ರಕರ್ತರ ಭವನ. ■ ಶಕ್ತಿ ಫೌಂಡೇಶನ್ ಚಾರಿಟಬಲ್ ಟ್ರಸ್ಟ್: ಉಚಿತ ಆರೋಗ್ಯ ತಪಾಸಣಾ ಶಿಬಿರ, ಬೆಳಿಗ್ಗೆ 9ರಿಂದ ಮಧ್ಯಾಹ್ನ 2ರವರೆಗೆ, ಸ್ಥಳ: ಕುವೆಂಪುನಗರ ಸಮುದಾಯ ಭವನ. ಸಂಜೆ 6ಕ್ಕೆ ಸಾಂಸ್ಕೃತಿಕ ಕಾರ್ಯಕ್ರಮ.
